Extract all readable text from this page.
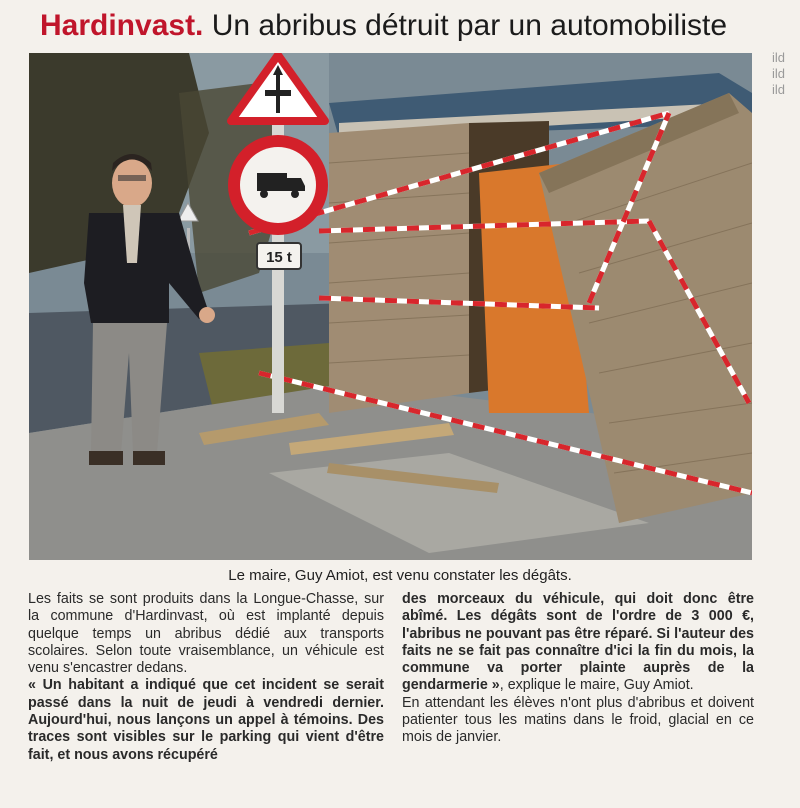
Hardinvast. Un abribus détruit par un automobiliste
15 t
ild
ild
ild
Le maire, Guy Amiot, est venu constater les dégâts.

Les faits se sont produits dans la Longue-Chasse, sur la commune d'Hardinvast, où est implanté depuis quelque temps un abribus dédié aux transports scolaires. Selon toute vraisemblance, un véhicule est venu s'encastrer dedans.

« Un habitant a indiqué que cet incident se serait passé dans la nuit de jeudi à vendredi dernier. Aujourd'hui, nous lançons un appel à témoins. Des traces sont visibles sur le parking qui vient d'être fait, et nous avons récupéré

des morceaux du véhicule, qui doit donc être abîmé. Les dégâts sont de l'ordre de 3 000 €, l'abribus ne pouvant pas être réparé. Si l'auteur des faits ne se fait pas connaître d'ici la fin du mois, la commune va porter plainte auprès de la gendarmerie », explique le maire, Guy Amiot.

En attendant les élèves n'ont plus d'abribus et doivent patienter tous les matins dans le froid, glacial en ce mois de janvier.
